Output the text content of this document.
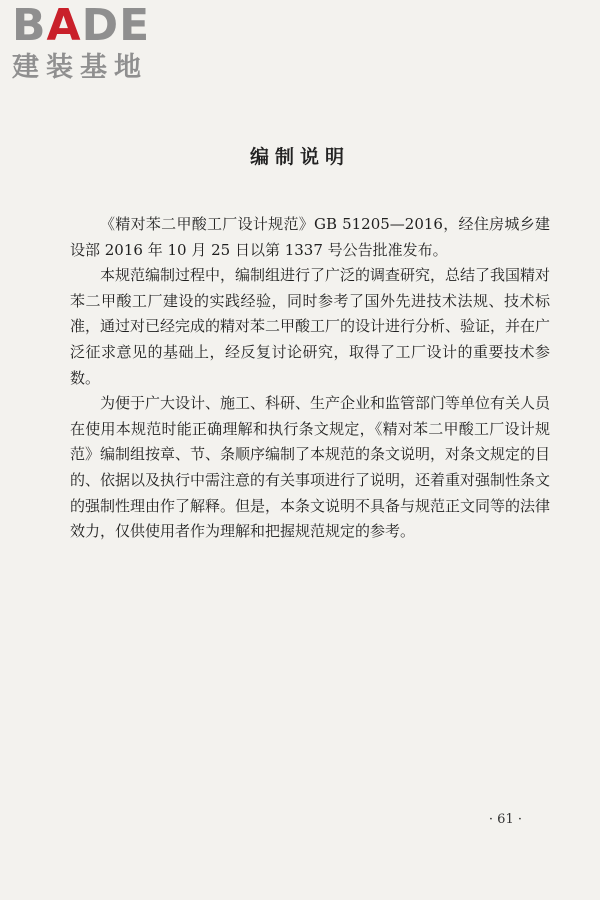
BADE
建装基地
编制说明

《精对苯二甲酸工厂设计规范》GB 51205—2016，经住房城乡建设部 2016 年 10 月 25 日以第 1337 号公告批准发布。

本规范编制过程中，编制组进行了广泛的调查研究，总结了我国精对苯二甲酸工厂建设的实践经验，同时参考了国外先进技术法规、技术标准，通过对已经完成的精对苯二甲酸工厂的设计进行分析、验证，并在广泛征求意见的基础上，经反复讨论研究，取得了工厂设计的重要技术参数。

为便于广大设计、施工、科研、生产企业和监管部门等单位有关人员在使用本规范时能正确理解和执行条文规定，《精对苯二甲酸工厂设计规范》编制组按章、节、条顺序编制了本规范的条文说明，对条文规定的目的、依据以及执行中需注意的有关事项进行了说明，还着重对强制性条文的强制性理由作了解释。但是，本条文说明不具备与规范正文同等的法律效力，仅供使用者作为理解和把握规范规定的参考。

· 61 ·
